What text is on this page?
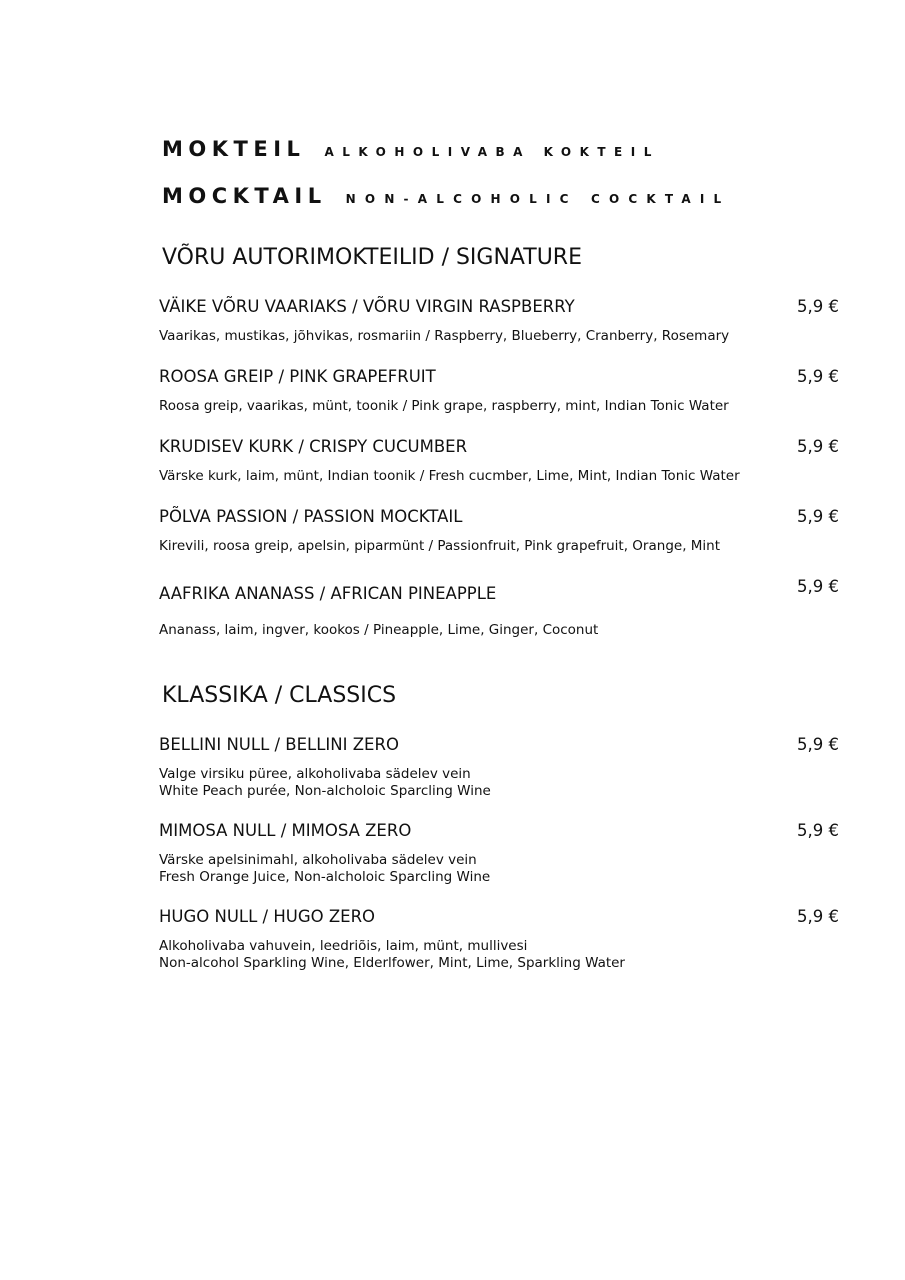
MOKTEIL ALKOHOLIVABA KOKTEIL
MOCKTAIL NON-ALCOHOLIC COCKTAIL
VÕRU AUTORIMOKTEILID / SIGNATURE
VÄIKE VÕRU VAARIAKS / VÕRU VIRGIN RASPBERRY	5,9 €
Vaarikas, mustikas, jõhvikas, rosmariin / Raspberry, Blueberry, Cranberry, Rosemary
ROOSA GREIP / PINK GRAPEFRUIT	5,9 €
Roosa greip, vaarikas, münt, toonik / Pink grape, raspberry, mint, Indian Tonic Water
KRUDISEV KURK / CRISPY CUCUMBER	5,9 €
Värske kurk, laim, münt, Indian toonik / Fresh cucmber, Lime, Mint, Indian Tonic Water
PÕLVA PASSION / PASSION MOCKTAIL	5,9 €
Kirevili, roosa greip, apelsin, piparmünt / Passionfruit, Pink grapefruit, Orange, Mint
AAFRIKA ANANASS / AFRICAN PINEAPPLE	5,9 €
Ananass, laim, ingver, kookos / Pineapple, Lime, Ginger, Coconut
KLASSIKA / CLASSICS
BELLINI NULL / BELLINI ZERO	5,9 €
Valge virsiku püree, alkoholivaba sädelev vein
White Peach purée, Non-alcholoic Sparcling Wine
MIMOSA NULL / MIMOSA ZERO	5,9 €
Värske apelsinimahl, alkoholivaba sädelev vein
Fresh Orange Juice, Non-alcholoic Sparcling Wine
HUGO NULL / HUGO ZERO	5,9 €
Alkoholivaba vahuvein, leedriõis, laim, münt, mullivesi
Non-alcohol Sparkling Wine, Elderlfower, Mint, Lime, Sparkling Water
